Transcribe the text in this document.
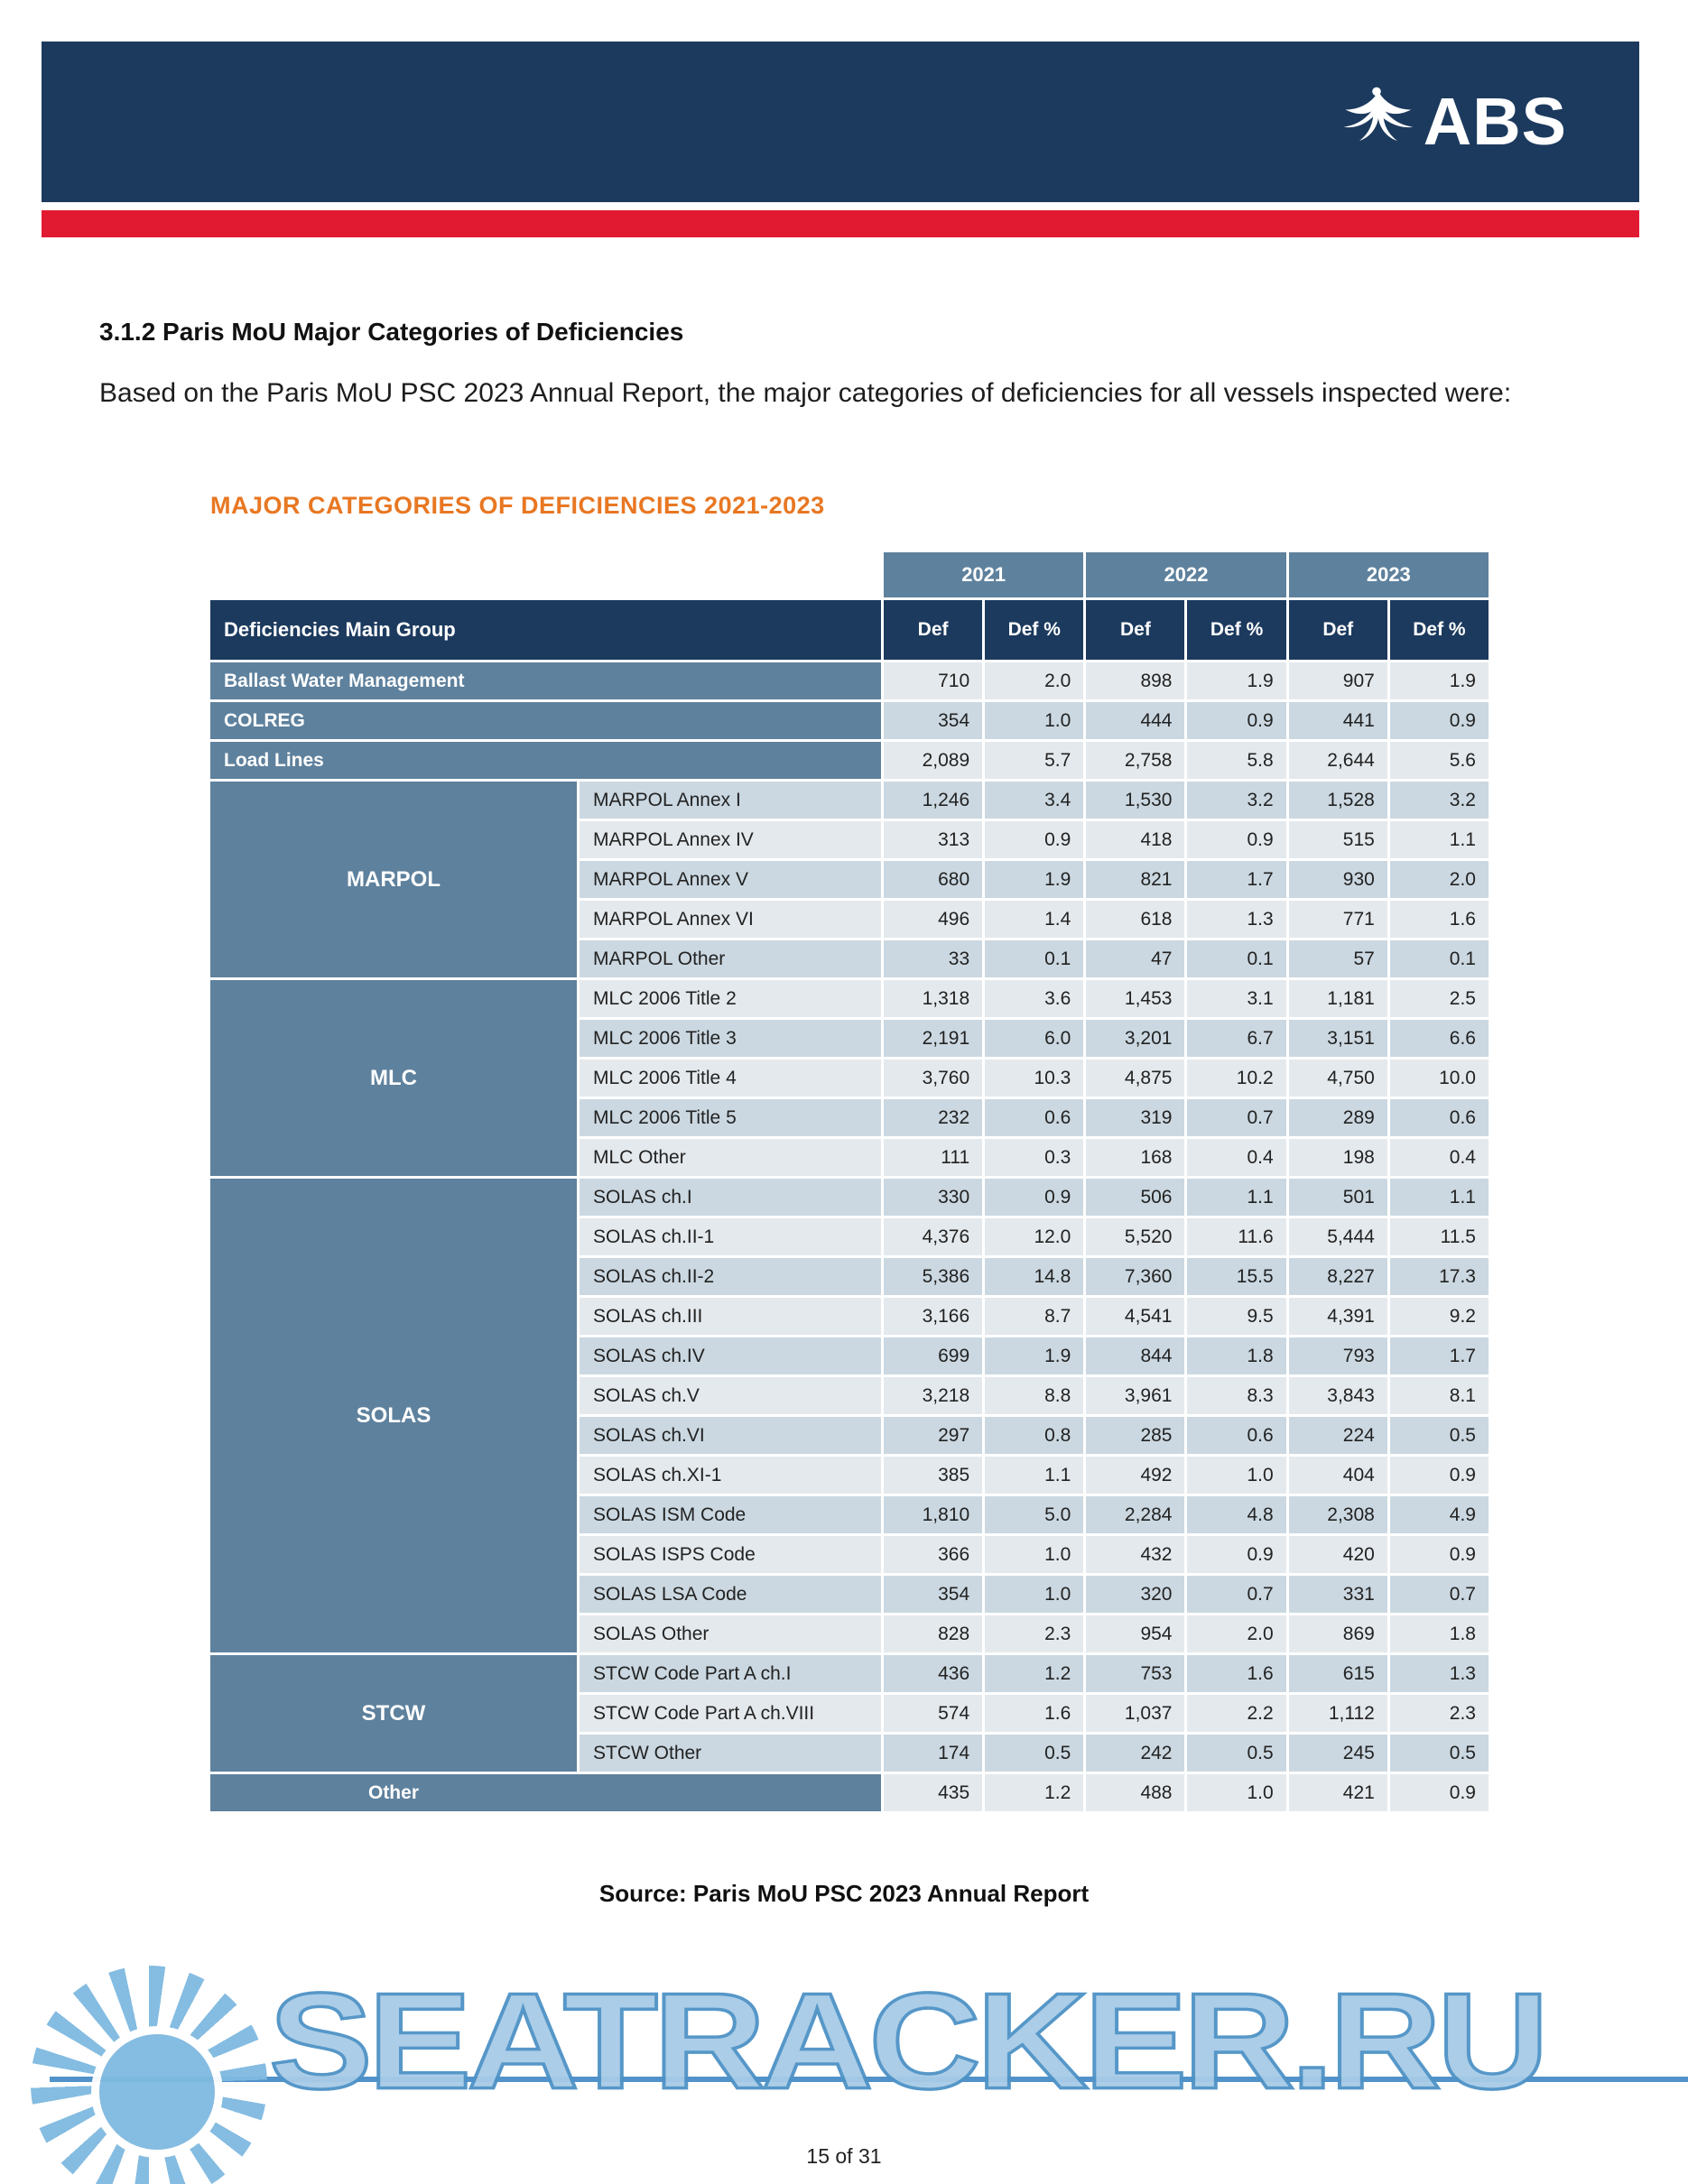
ABS
3.1.2 Paris MoU Major Categories of Deficiencies
Based on the Paris MoU PSC 2023 Annual Report, the major categories of deficiencies for all vessels inspected were:
MAJOR CATEGORIES OF DEFICIENCIES 2021-2023
2021	2022	2023
Deficiencies Main Group	Def	Def %	Def	Def %	Def	Def %
Ballast Water Management	710	2.0	898	1.9	907	1.9
COLREG	354	1.0	444	0.9	441	0.9
Load Lines	2,089	5.7	2,758	5.8	2,644	5.6
MARPOL
MARPOL Annex I	1,246	3.4	1,530	3.2	1,528	3.2
MARPOL Annex IV	313	0.9	418	0.9	515	1.1
MARPOL Annex V	680	1.9	821	1.7	930	2.0
MARPOL Annex VI	496	1.4	618	1.3	771	1.6
MARPOL Other	33	0.1	47	0.1	57	0.1
MLC
MLC 2006 Title 2	1,318	3.6	1,453	3.1	1,181	2.5
MLC 2006 Title 3	2,191	6.0	3,201	6.7	3,151	6.6
MLC 2006 Title 4	3,760	10.3	4,875	10.2	4,750	10.0
MLC 2006 Title 5	232	0.6	319	0.7	289	0.6
MLC Other	111	0.3	168	0.4	198	0.4
SOLAS
SOLAS ch.I	330	0.9	506	1.1	501	1.1
SOLAS ch.II-1	4,376	12.0	5,520	11.6	5,444	11.5
SOLAS ch.II-2	5,386	14.8	7,360	15.5	8,227	17.3
SOLAS ch.III	3,166	8.7	4,541	9.5	4,391	9.2
SOLAS ch.IV	699	1.9	844	1.8	793	1.7
SOLAS ch.V	3,218	8.8	3,961	8.3	3,843	8.1
SOLAS ch.VI	297	0.8	285	0.6	224	0.5
SOLAS ch.XI-1	385	1.1	492	1.0	404	0.9
SOLAS ISM Code	1,810	5.0	2,284	4.8	2,308	4.9
SOLAS ISPS Code	366	1.0	432	0.9	420	0.9
SOLAS LSA Code	354	1.0	320	0.7	331	0.7
SOLAS Other	828	2.3	954	2.0	869	1.8
STCW
STCW Code Part A ch.I	436	1.2	753	1.6	615	1.3
STCW Code Part A ch.VIII	574	1.6	1,037	2.2	1,112	2.3
STCW Other	174	0.5	242	0.5	245	0.5
Other	435	1.2	488	1.0	421	0.9
Source: Paris MoU PSC 2023 Annual Report
SEATRACKER.RU
15 of 31
